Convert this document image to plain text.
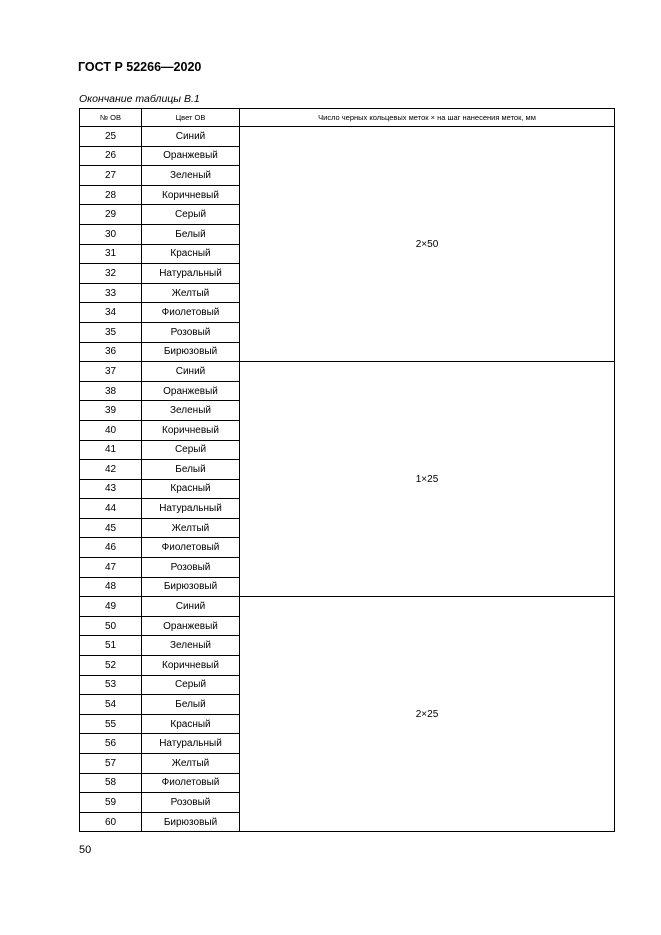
ГОСТ Р 52266—2020
Окончание таблицы В.1
№ ОВ	Цвет ОВ	Число черных кольцевых меток × на шаг нанесения меток, мм
25	Синий	2×50
26	Оранжевый	
27	Зеленый	
28	Коричневый	
29	Серый	
30	Белый	
31	Красный	
32	Натуральный	
33	Желтый	
34	Фиолетовый	
35	Розовый	
36	Бирюзовый	
37	Синий	1×25
38	Оранжевый	
39	Зеленый	
40	Коричневый	
41	Серый	
42	Белый	
43	Красный	
44	Натуральный	
45	Желтый	
46	Фиолетовый	
47	Розовый	
48	Бирюзовый	
49	Синий	2×25
50	Оранжевый	
51	Зеленый	
52	Коричневый	
53	Серый	
54	Белый	
55	Красный	
56	Натуральный	
57	Желтый	
58	Фиолетовый	
59	Розовый	
60	Бирюзовый	
50
